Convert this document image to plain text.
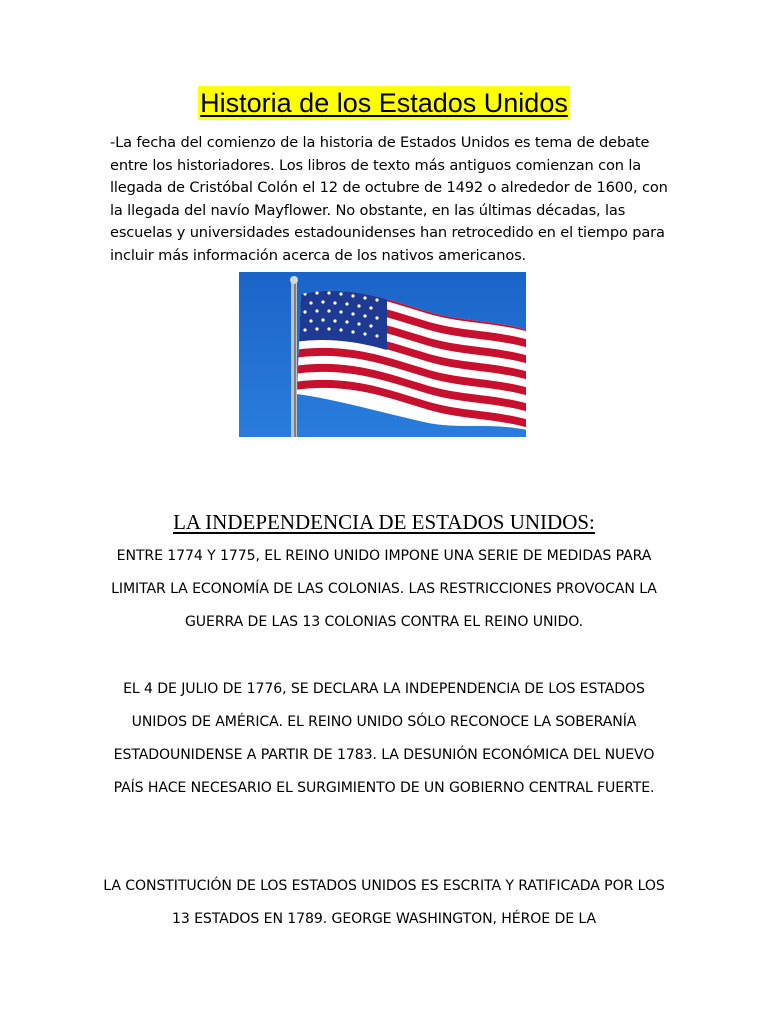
Historia de los Estados Unidos

-La fecha del comienzo de la historia de Estados Unidos es tema de debate entre los historiadores. Los libros de texto más antiguos comienzan con la llegada de Cristóbal Colón el 12 de octubre de 1492 o alrededor de 1600, con la llegada del navío Mayflower. No obstante, en las últimas décadas, las escuelas y universidades estadounidenses han retrocedido en el tiempo para incluir más información acerca de los nativos americanos.

LA INDEPENDENCIA DE ESTADOS UNIDOS:

ENTRE 1774 Y 1775, EL REINO UNIDO IMPONE UNA SERIE DE MEDIDAS PARA LIMITAR LA ECONOMÍA DE LAS COLONIAS. LAS RESTRICCIONES PROVOCAN LA GUERRA DE LAS 13 COLONIAS CONTRA EL REINO UNIDO.

EL 4 DE JULIO DE 1776, SE DECLARA LA INDEPENDENCIA DE LOS ESTADOS UNIDOS DE AMÉRICA. EL REINO UNIDO SÓLO RECONOCE LA SOBERANÍA ESTADOUNIDENSE A PARTIR DE 1783. LA DESUNIÓN ECONÓMICA DEL NUEVO PAÍS HACE NECESARIO EL SURGIMIENTO DE UN GOBIERNO CENTRAL FUERTE.

LA CONSTITUCIÓN DE LOS ESTADOS UNIDOS ES ESCRITA Y RATIFICADA POR LOS 13 ESTADOS EN 1789. GEORGE WASHINGTON, HÉROE DE LA
